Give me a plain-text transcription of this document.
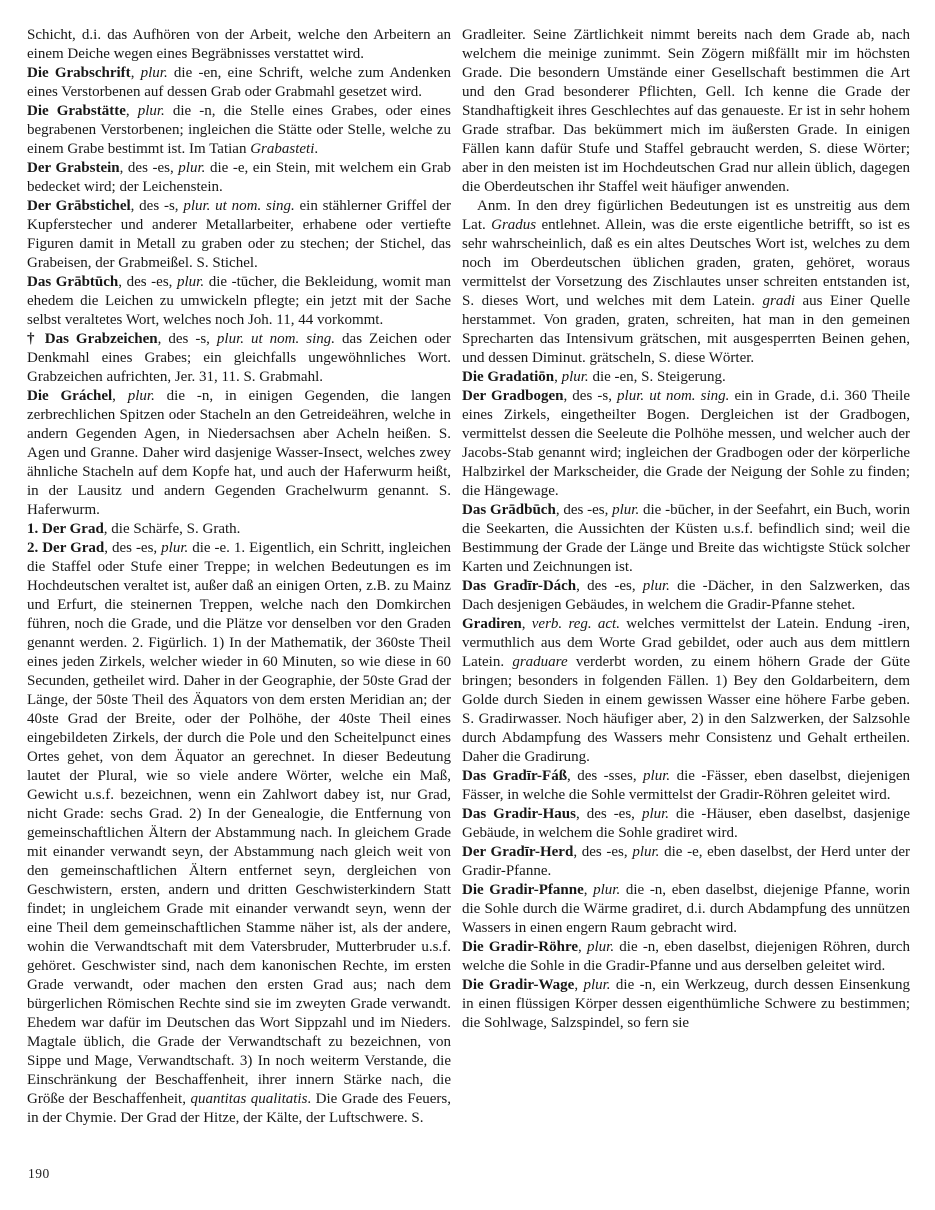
Schicht, d.i. das Aufhören von der Arbeit, welche den Arbeitern an einem Deiche wegen eines Begräbnisses verstattet wird.

Die Grabschrift, plur. die -en, eine Schrift, welche zum Andenken eines Verstorbenen auf dessen Grab oder Grabmahl gesetzet wird.

Die Grabstätte, plur. die -n, die Stelle eines Grabes, oder eines begrabenen Verstorbenen; ingleichen die Stätte oder Stelle, welche zu einem Grabe bestimmt ist. Im Tatian Grabasteti.

Der Grabstein, des -es, plur. die -e, ein Stein, mit welchem ein Grab bedecket wird; der Leichenstein.

Der Grābstichel, des -s, plur. ut nom. sing. ein stählerner Griffel der Kupferstecher und anderer Metallarbeiter, erhabene oder vertiefte Figuren damit in Metall zu graben oder zu stechen; der Stichel, das Grabeisen, der Grabmeißel. S. Stichel.

Das Grābtūch, des -es, plur. die -tūcher, die Bekleidung, womit man ehedem die Leichen zu umwickeln pflegte; ein jetzt mit der Sache selbst veraltetes Wort, welches noch Joh. 11, 44 vorkommt.

† Das Grabzeichen, des -s, plur. ut nom. sing. das Zeichen oder Denkmahl eines Grabes; ein gleichfalls ungewöhnliches Wort. Grabzeichen aufrichten, Jer. 31, 11. S. Grabmahl.

Die Gráchel, plur. die -n, in einigen Gegenden, die langen zerbrechlichen Spitzen oder Stacheln an den Getreideähren, welche in andern Gegenden Agen, in Niedersachsen aber Acheln heißen. S. Agen und Granne. Daher wird dasjenige Wasser-Insect, welches zwey ähnliche Stacheln auf dem Kopfe hat, und auch der Haferwurm heißt, in der Lausitz und andern Gegenden Grachelwurm genannt. S. Haferwurm.

1. Der Grad, die Schärfe, S. Grath.

2. Der Grad, des -es, plur. die -e. 1. Eigentlich, ein Schritt, ingleichen die Staffel oder Stufe einer Treppe; in welchen Bedeutungen es im Hochdeutschen veraltet ist, außer daß an einigen Orten, z.B. zu Mainz und Erfurt, die steinernen Treppen, welche nach den Domkirchen führen, noch die Grade, und die Plätze vor denselben vor den Graden genannt werden. 2. Figürlich. 1) In der Mathematik, der 360ste Theil eines jeden Zirkels, welcher wieder in 60 Minuten, so wie diese in 60 Secunden, getheilet wird. Daher in der Geographie, der 50ste Grad der Länge, der 50ste Theil des Äquators von dem ersten Meridian an; der 40ste Grad der Breite, oder der Polhöhe, der 40ste Theil eines eingebildeten Zirkels, der durch die Pole und den Scheitelpunct eines Ortes gehet, von dem Äquator an gerechnet. In dieser Bedeutung lautet der Plural, wie so viele andere Wörter, welche ein Maß, Gewicht u.s.f. bezeichnen, wenn ein Zahlwort dabey ist, nur Grad, nicht Grade: sechs Grad. 2) In der Genealogie, die Entfernung von gemeinschaftlichen Ältern der Abstammung nach. In gleichem Grade mit einander verwandt seyn, der Abstammung nach gleich weit von den gemeinschaftlichen Ältern entfernet seyn, dergleichen von Geschwistern, ersten, andern und dritten Geschwisterkindern Statt findet; in ungleichem Grade mit einander verwandt seyn, wenn der eine Theil dem gemeinschaftlichen Stamme näher ist, als der andere, wohin die Verwandtschaft mit dem Vatersbruder, Mutterbruder u.s.f. gehöret. Geschwister sind, nach dem kanonischen Rechte, im ersten Grade verwandt, oder machen den ersten Grad aus; nach dem bürgerlichen Römischen Rechte sind sie im zweyten Grade verwandt. Ehedem war dafür im Deutschen das Wort Sippzahl und im Nieders. Magtale üblich, die Grade der Verwandtschaft zu bezeichnen, von Sippe und Mage, Verwandtschaft. 3) In noch weiterm Verstande, die Einschränkung der Beschaffenheit, ihrer innern Stärke nach, die Größe der Beschaffenheit, quantitas qualitatis. Die Grade des Feuers, in der Chymie. Der Grad der Hitze, der Kälte, der Luftschwere. S.

Gradleiter. Seine Zärtlichkeit nimmt bereits nach dem Grade ab, nach welchem die meinige zunimmt. Sein Zögern mißfällt mir im höchsten Grade. Die besondern Umstände einer Gesellschaft bestimmen die Art und den Grad besonderer Pflichten, Gell. Ich kenne die Grade der Standhaftigkeit ihres Geschlechtes auf das genaueste. Er ist in sehr hohem Grade strafbar. Das bekümmert mich im äußersten Grade. In einigen Fällen kann dafür Stufe und Staffel gebraucht werden, S. diese Wörter; aber in den meisten ist im Hochdeutschen Grad nur allein üblich, dagegen die Oberdeutschen ihr Staffel weit häufiger anwenden.

Anm. In den drey figürlichen Bedeutungen ist es unstreitig aus dem Lat. Gradus entlehnet. Allein, was die erste eigentliche betrifft, so ist es sehr wahrscheinlich, daß es ein altes Deutsches Wort ist, welches zu dem noch im Oberdeutschen üblichen graden, graten, gehöret, woraus vermittelst der Vorsetzung des Zischlautes unser schreiten entstanden ist, S. dieses Wort, und welches mit dem Latein. gradi aus Einer Quelle herstammet. Von graden, graten, schreiten, hat man in den gemeinen Sprecharten das Intensivum grätschen, mit ausgesperrten Beinen gehen, und dessen Diminut. grätscheln, S. diese Wörter.

Die Gradatiōn, plur. die -en, S. Steigerung.

Der Gradbogen, des -s, plur. ut nom. sing. ein in Grade, d.i. 360 Theile eines Zirkels, eingetheilter Bogen. Dergleichen ist der Gradbogen, vermittelst dessen die Seeleute die Polhöhe messen, und welcher auch der Jacobs-Stab genannt wird; ingleichen der Gradbogen oder der körperliche Halbzirkel der Markscheider, die Grade der Neigung der Sohle zu finden; die Hängewage.

Das Grādbūch, des -es, plur. die -būcher, in der Seefahrt, ein Buch, worin die Seekarten, die Aussichten der Küsten u.s.f. befindlich sind; weil die Bestimmung der Grade der Länge und Breite das wichtigste Stück solcher Karten und Zeichnungen ist.

Das Gradīr-Dách, des -es, plur. die -Dächer, in den Salzwerken, das Dach desjenigen Gebäudes, in welchem die Gradir-Pfanne stehet.

Gradiren, verb. reg. act. welches vermittelst der Latein. Endung -iren, vermuthlich aus dem Worte Grad gebildet, oder auch aus dem mittlern Latein. graduare verderbt worden, zu einem höhern Grade der Güte bringen; besonders in folgenden Fällen. 1) Bey den Goldarbeitern, dem Golde durch Sieden in einem gewissen Wasser eine höhere Farbe geben. S. Gradirwasser. Noch häufiger aber, 2) in den Salzwerken, der Salzsohle durch Abdampfung des Wassers mehr Consistenz und Gehalt ertheilen. Daher die Gradirung.

Das Gradīr-Fáß, des -sses, plur. die -Fässer, eben daselbst, diejenigen Fässer, in welche die Sohle vermittelst der Gradir-Röhren geleitet wird.

Das Gradir-Haus, des -es, plur. die -Häuser, eben daselbst, dasjenige Gebäude, in welchem die Sohle gradiret wird.

Der Gradīr-Herd, des -es, plur. die -e, eben daselbst, der Herd unter der Gradir-Pfanne.

Die Gradir-Pfanne, plur. die -n, eben daselbst, diejenige Pfanne, worin die Sohle durch die Wärme gradiret, d.i. durch Abdampfung des unnützen Wassers in einen engern Raum gebracht wird.

Die Gradir-Röhre, plur. die -n, eben daselbst, diejenigen Röhren, durch welche die Sohle in die Gradir-Pfanne und aus derselben geleitet wird.

Die Gradir-Wage, plur. die -n, ein Werkzeug, durch dessen Einsenkung in einen flüssigen Körper dessen eigenthümliche Schwere zu bestimmen; die Sohlwage, Salzspindel, so fern sie

190
